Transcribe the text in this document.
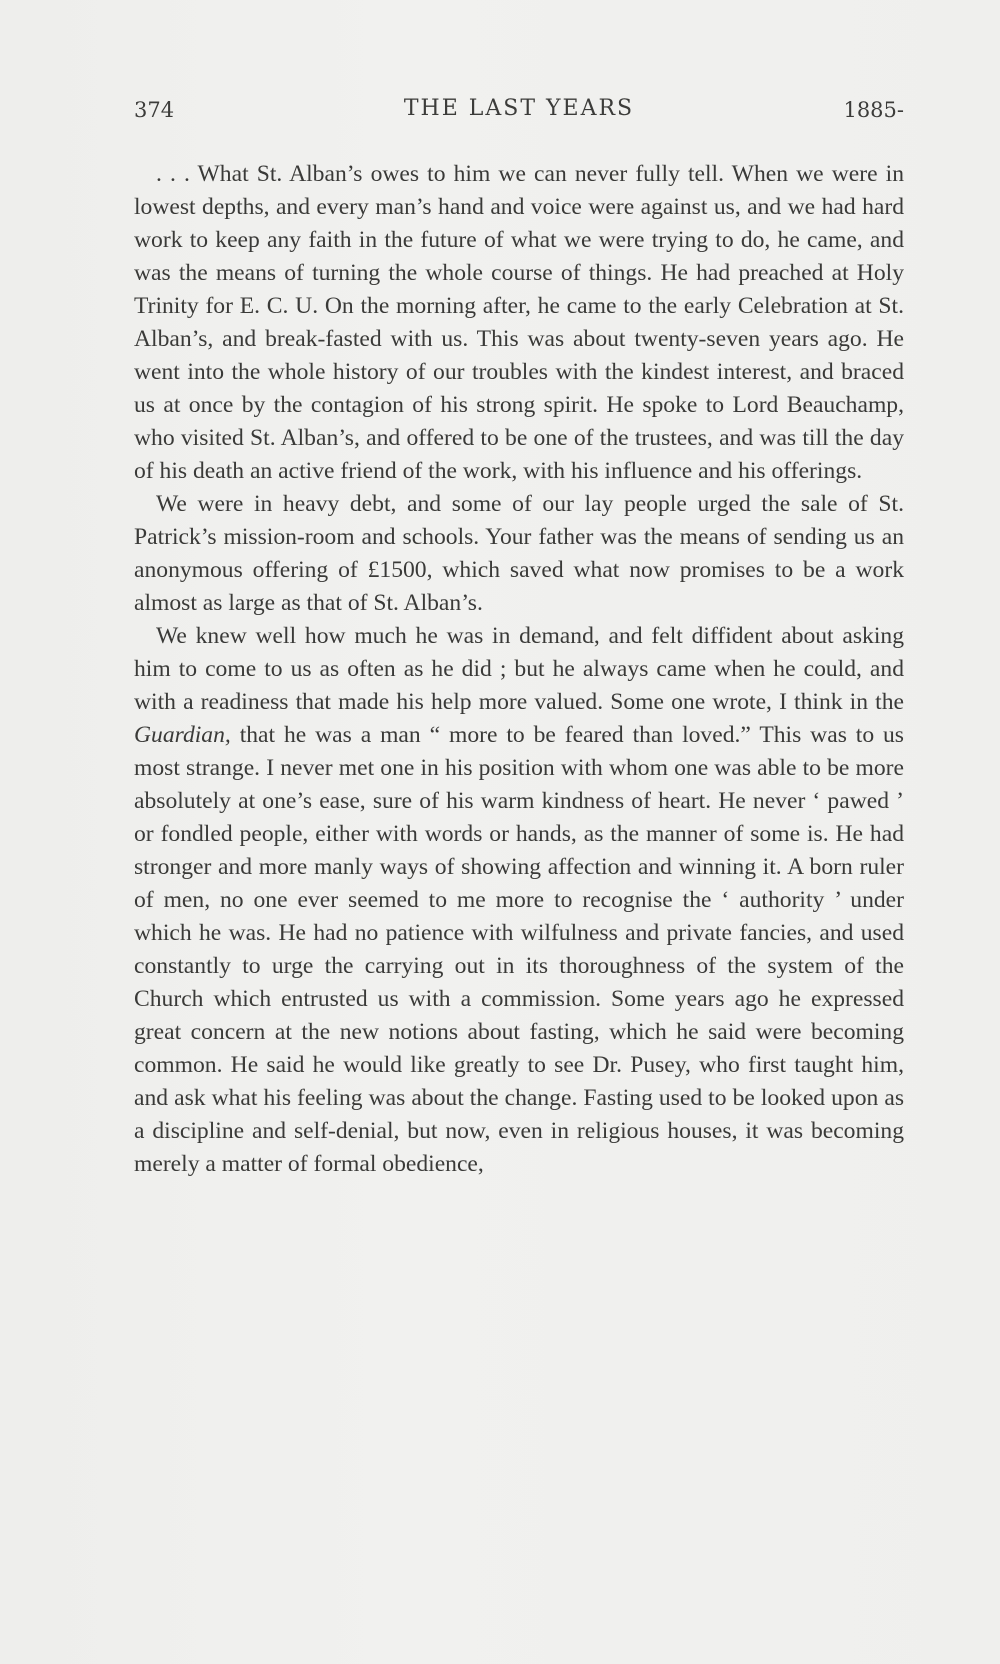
374	THE LAST YEARS	1885-

. . . What St. Alban’s owes to him we can never fully tell. When we were in lowest depths, and every man’s hand and voice were against us, and we had hard work to keep any faith in the future of what we were trying to do, he came, and was the means of turning the whole course of things. He had preached at Holy Trinity for E. C. U. On the morning after, he came to the early Celebration at St. Alban’s, and break-fasted with us. This was about twenty-seven years ago. He went into the whole history of our troubles with the kindest interest, and braced us at once by the contagion of his strong spirit. He spoke to Lord Beauchamp, who visited St. Alban’s, and offered to be one of the trustees, and was till the day of his death an active friend of the work, with his influence and his offerings.

We were in heavy debt, and some of our lay people urged the sale of St. Patrick’s mission-room and schools. Your father was the means of sending us an anonymous offering of £1500, which saved what now promises to be a work almost as large as that of St. Alban’s.

We knew well how much he was in demand, and felt diffident about asking him to come to us as often as he did ; but he always came when he could, and with a readiness that made his help more valued. Some one wrote, I think in the Guardian, that he was a man “ more to be feared than loved.” This was to us most strange. I never met one in his position with whom one was able to be more absolutely at one’s ease, sure of his warm kindness of heart. He never ‘ pawed ’ or fondled people, either with words or hands, as the manner of some is. He had stronger and more manly ways of showing affection and winning it. A born ruler of men, no one ever seemed to me more to recognise the ‘ authority ’ under which he was. He had no patience with wilfulness and private fancies, and used constantly to urge the carrying out in its thoroughness of the system of the Church which entrusted us with a commission. Some years ago he expressed great concern at the new notions about fasting, which he said were becoming common. He said he would like greatly to see Dr. Pusey, who first taught him, and ask what his feeling was about the change. Fasting used to be looked upon as a discipline and self-denial, but now, even in religious houses, it was becoming merely a matter of formal obedience,
